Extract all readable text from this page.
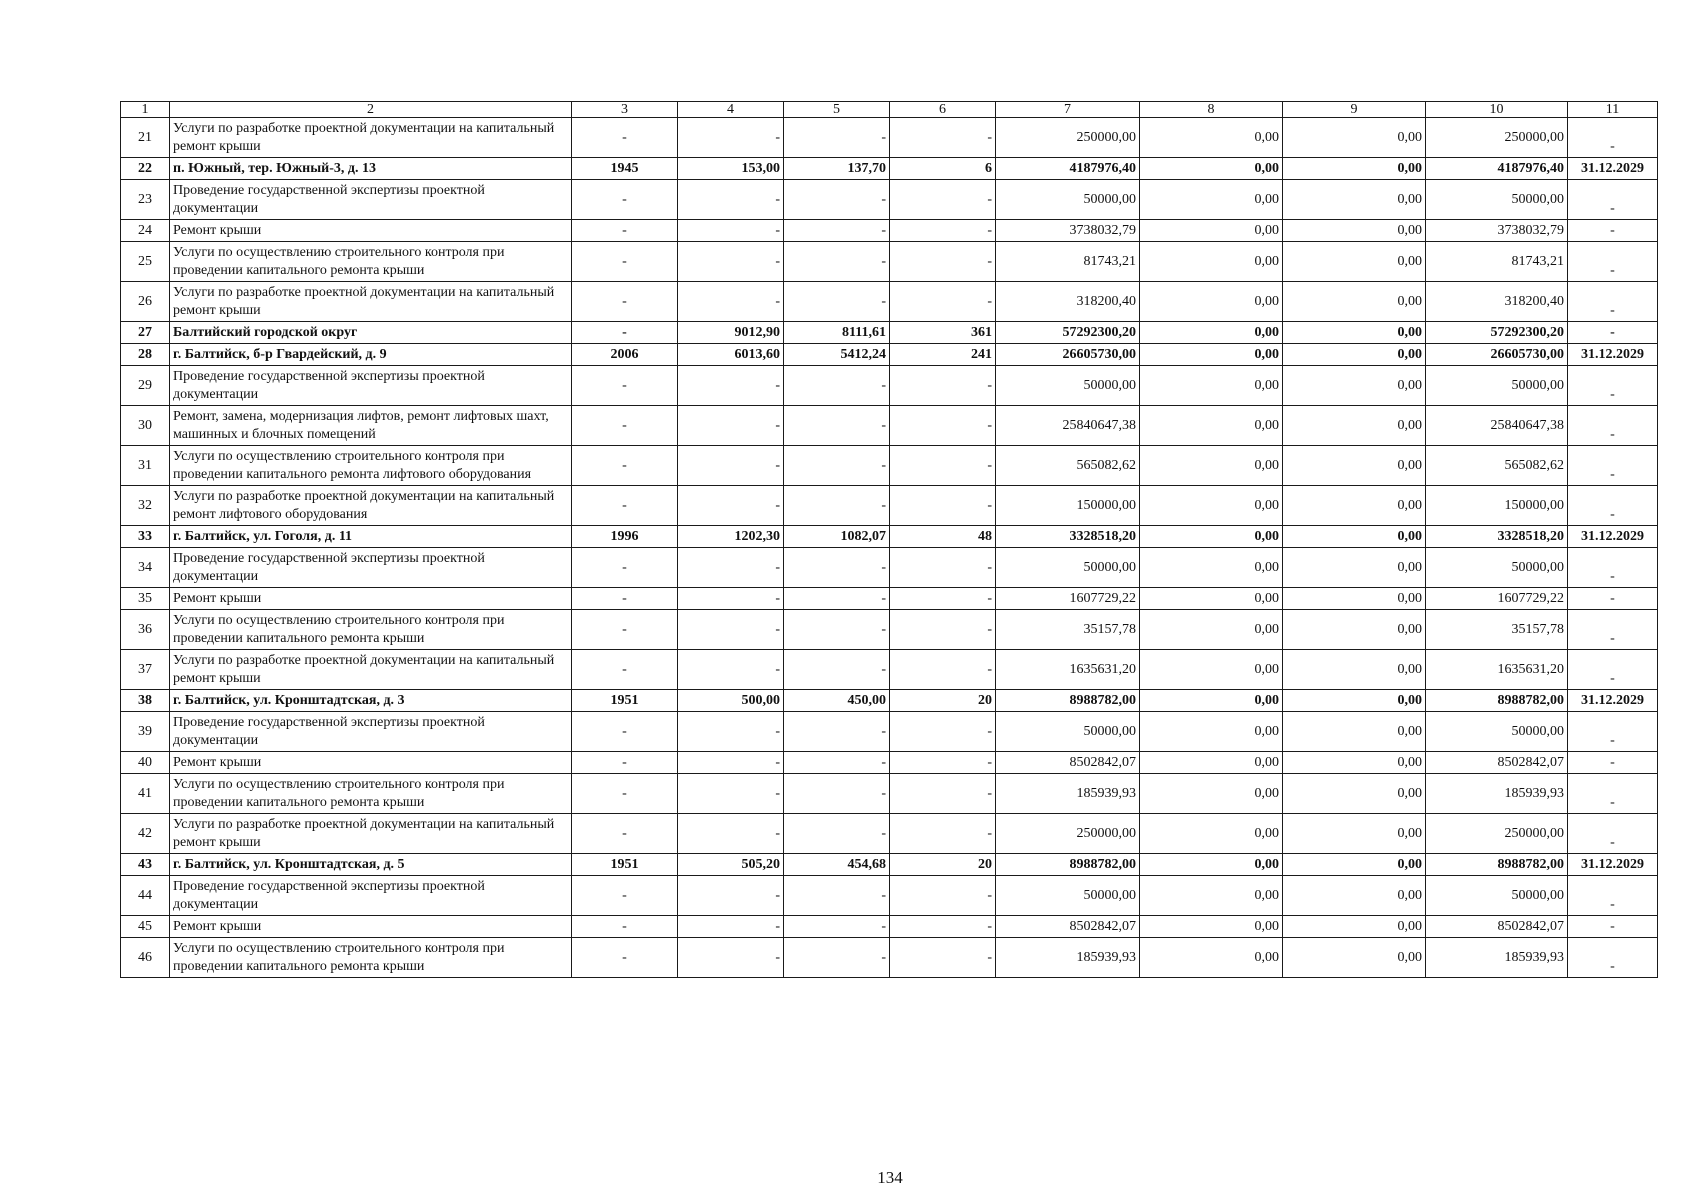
1	2	3	4	5	6	7	8	9	10	11
21	Услуги по разработке проектной документации на капитальный ремонт крыши	-	-	-	-	250000,00	0,00	0,00	250000,00	-
22	п. Южный, тер. Южный-3, д. 13	1945	153,00	137,70	6	4187976,40	0,00	0,00	4187976,40	31.12.2029
23	Проведение государственной экспертизы проектной документации	-	-	-	-	50000,00	0,00	0,00	50000,00	-
24	Ремонт крыши	-	-	-	-	3738032,79	0,00	0,00	3738032,79	-
25	Услуги по осуществлению строительного контроля при проведении капитального ремонта крыши	-	-	-	-	81743,21	0,00	0,00	81743,21	-
26	Услуги по разработке проектной документации на капитальный ремонт крыши	-	-	-	-	318200,40	0,00	0,00	318200,40	-
27	Балтийский городской округ	-	9012,90	8111,61	361	57292300,20	0,00	0,00	57292300,20	-
28	г. Балтийск, б-р Гвардейский, д. 9	2006	6013,60	5412,24	241	26605730,00	0,00	0,00	26605730,00	31.12.2029
29	Проведение государственной экспертизы проектной документации	-	-	-	-	50000,00	0,00	0,00	50000,00	-
30	Ремонт, замена, модернизация лифтов, ремонт лифтовых шахт, машинных и блочных помещений	-	-	-	-	25840647,38	0,00	0,00	25840647,38	-
31	Услуги по осуществлению строительного контроля при проведении капитального ремонта лифтового оборудования	-	-	-	-	565082,62	0,00	0,00	565082,62	-
32	Услуги по разработке проектной документации на капитальный ремонт лифтового оборудования	-	-	-	-	150000,00	0,00	0,00	150000,00	-
33	г. Балтийск, ул. Гоголя, д. 11	1996	1202,30	1082,07	48	3328518,20	0,00	0,00	3328518,20	31.12.2029
34	Проведение государственной экспертизы проектной документации	-	-	-	-	50000,00	0,00	0,00	50000,00	-
35	Ремонт крыши	-	-	-	-	1607729,22	0,00	0,00	1607729,22	-
36	Услуги по осуществлению строительного контроля при проведении капитального ремонта крыши	-	-	-	-	35157,78	0,00	0,00	35157,78	-
37	Услуги по разработке проектной документации на капитальный ремонт крыши	-	-	-	-	1635631,20	0,00	0,00	1635631,20	-
38	г. Балтийск, ул. Кронштадтская, д. 3	1951	500,00	450,00	20	8988782,00	0,00	0,00	8988782,00	31.12.2029
39	Проведение государственной экспертизы проектной документации	-	-	-	-	50000,00	0,00	0,00	50000,00	-
40	Ремонт крыши	-	-	-	-	8502842,07	0,00	0,00	8502842,07	-
41	Услуги по осуществлению строительного контроля при проведении капитального ремонта крыши	-	-	-	-	185939,93	0,00	0,00	185939,93	-
42	Услуги по разработке проектной документации на капитальный ремонт крыши	-	-	-	-	250000,00	0,00	0,00	250000,00	-
43	г. Балтийск, ул. Кронштадтская, д. 5	1951	505,20	454,68	20	8988782,00	0,00	0,00	8988782,00	31.12.2029
44	Проведение государственной экспертизы проектной документации	-	-	-	-	50000,00	0,00	0,00	50000,00	-
45	Ремонт крыши	-	-	-	-	8502842,07	0,00	0,00	8502842,07	-
46	Услуги по осуществлению строительного контроля при проведении капитального ремонта крыши	-	-	-	-	185939,93	0,00	0,00	185939,93	-
134
